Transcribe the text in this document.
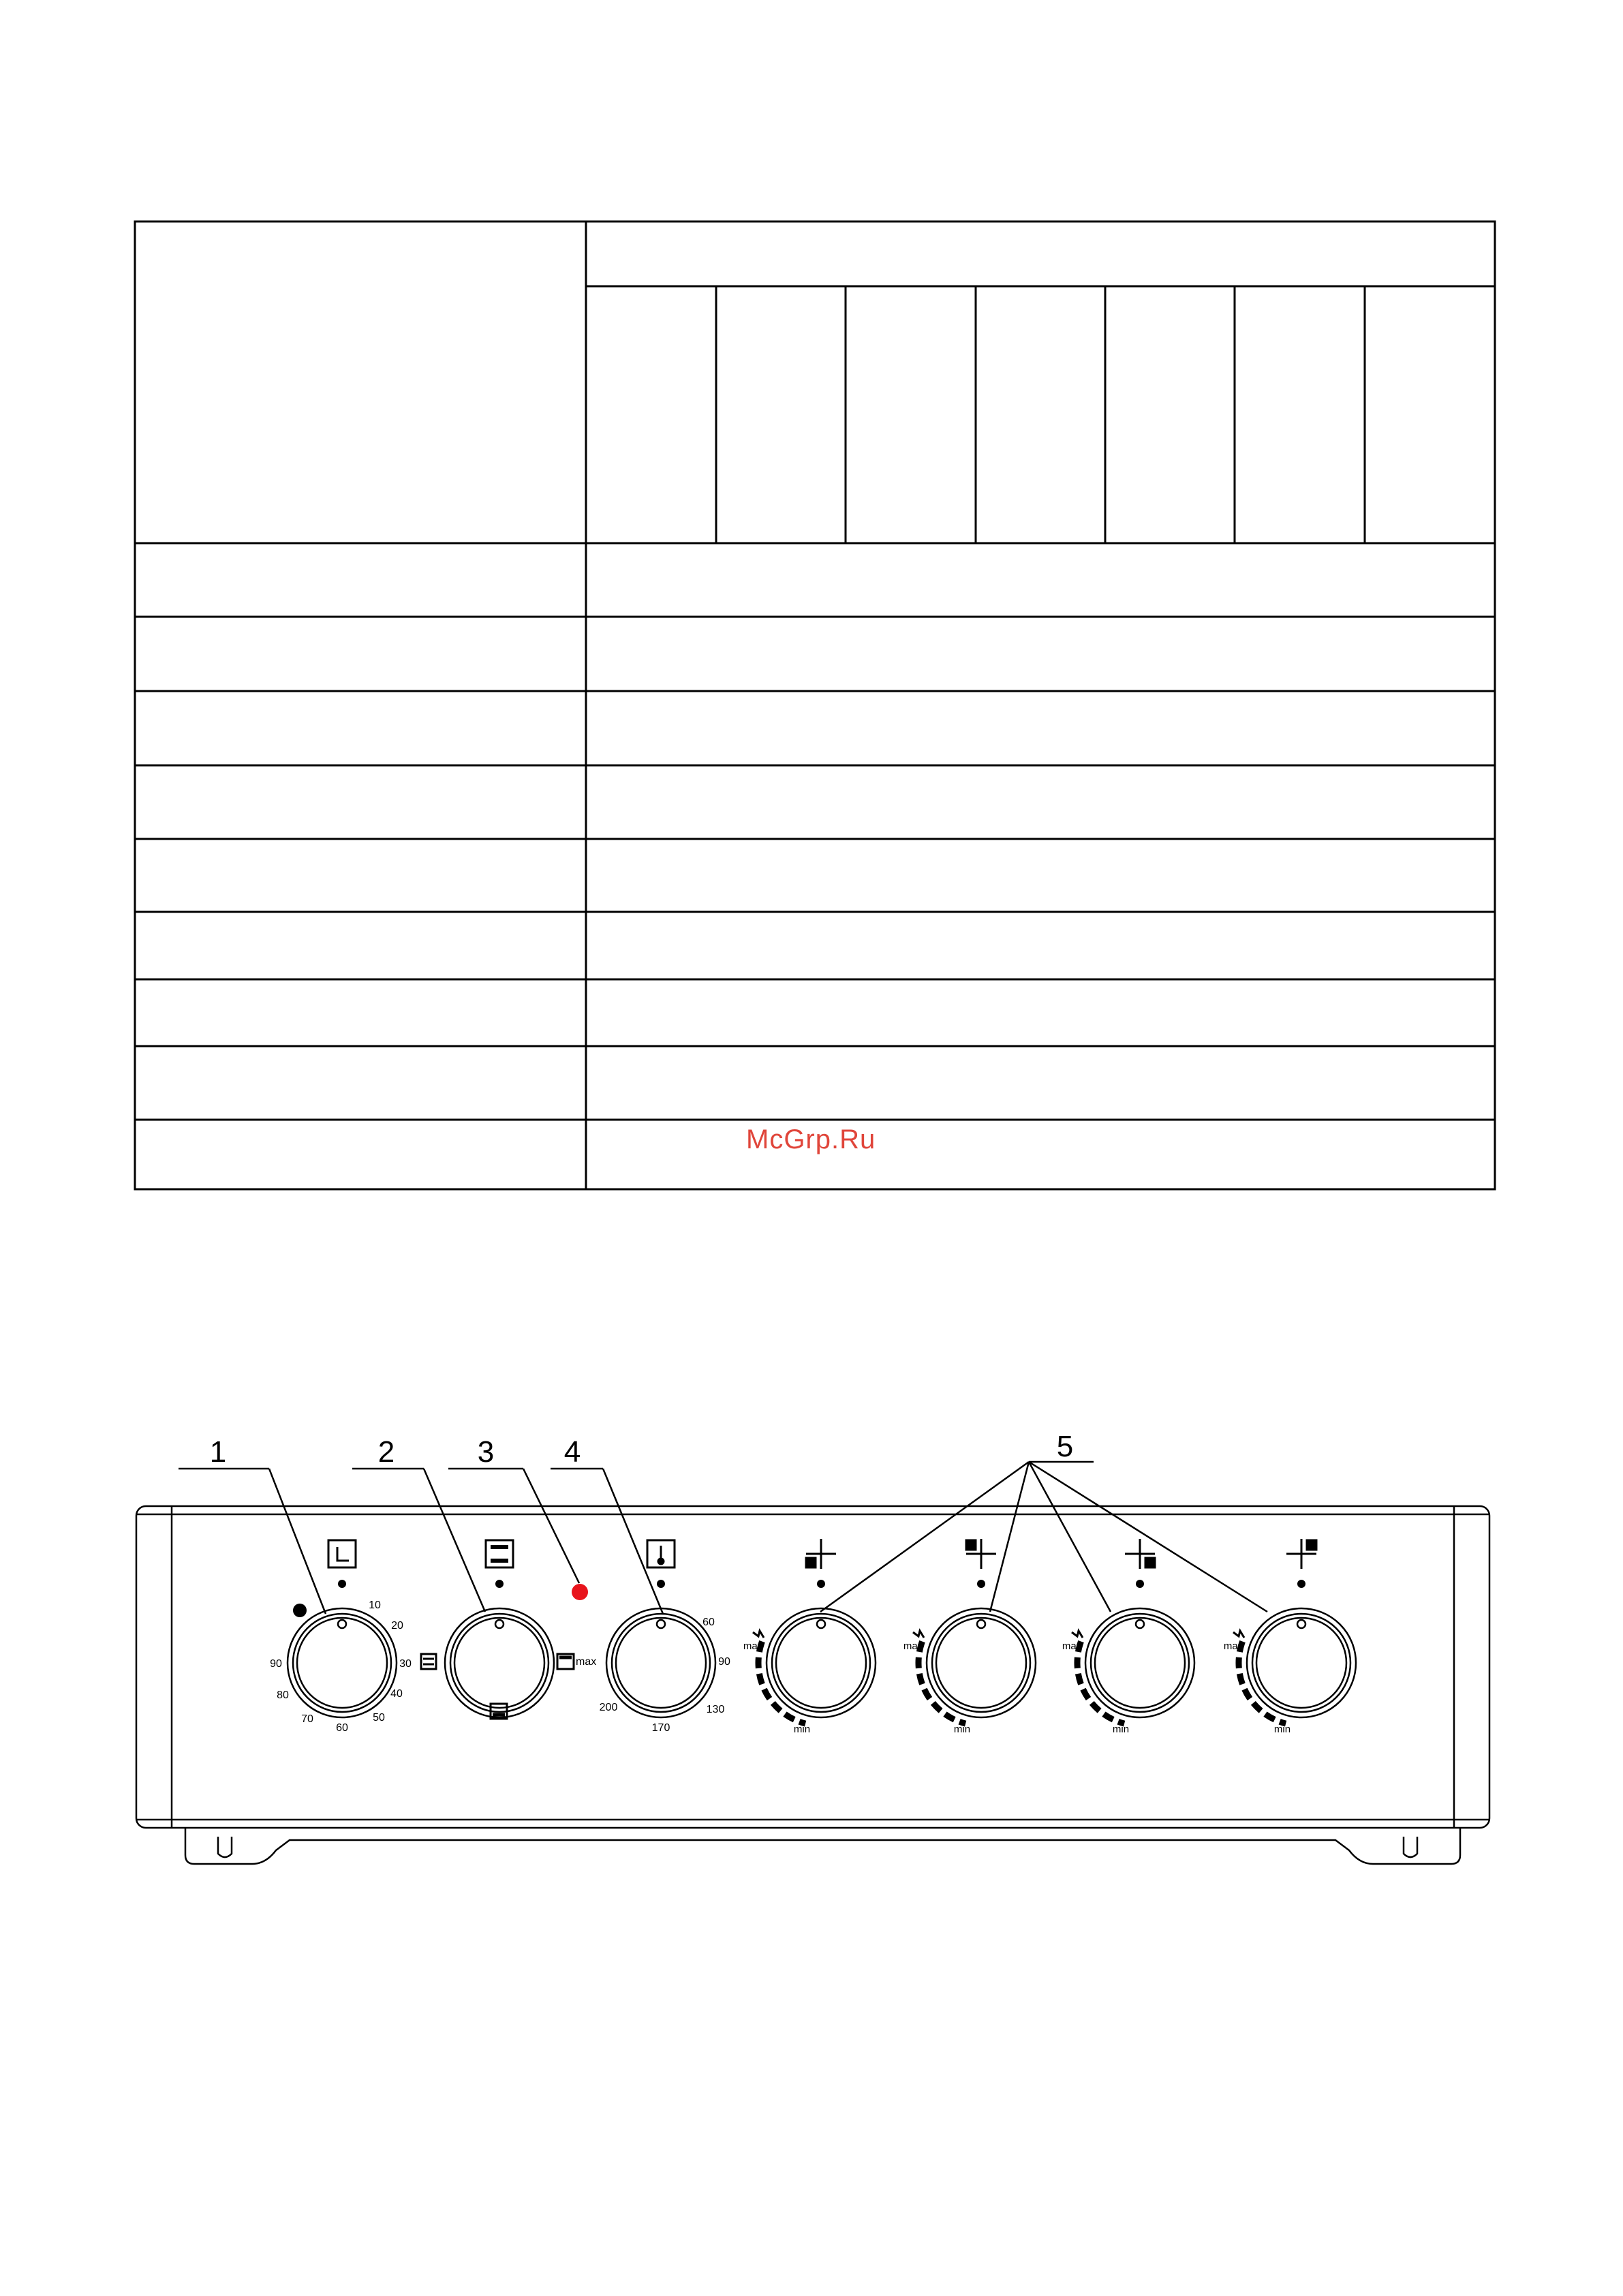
McGrp.Ru
1	2	3 4	5
10
20
30
40
50
60
70
80
90	max
60
90
130
170
200
max
min
max
min
max
min
max
min
